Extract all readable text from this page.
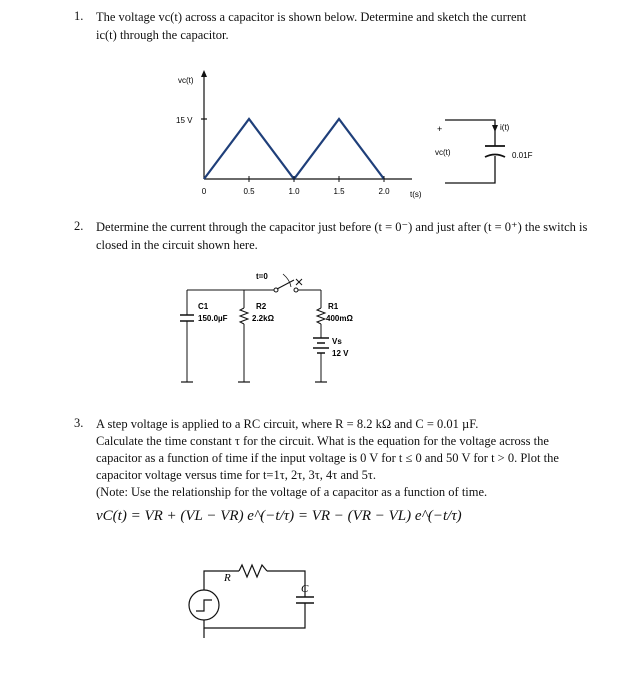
1. The voltage vc(t) across a capacitor is shown below. Determine and sketch the current
ic(t) through the capacitor.
vc(t)
15 V
0	0.5	1.0	1.5	2.0	t(s)
i(t)
+
vc(t)	0.01F
2. Determine the current through the capacitor just before (t = 0⁻) and just after (t = 0⁺) the switch is
closed in the circuit shown here.
t=0
C1
150.0µF
R2
2.2kΩ
R1
400mΩ
Vs
12 V
3. A step voltage is applied to a RC circuit, where R = 8.2 kΩ and C = 0.01 µF.
Calculate the time constant τ for the circuit. What is the equation for the voltage across the
capacitor as a function of time if the input voltage is 0 V for t ≤ 0 and 50 V for t > 0. Plot the
capacitor voltage versus time for t=1τ, 2τ, 3τ, 4τ and 5τ.
(Note: Use the relationship for the voltage of a capacitor as a function of time.
vC(t) = VR + (VL − VR) e^(−t/τ) = VR − (VR − VL) e^(−t/τ)
R
C
